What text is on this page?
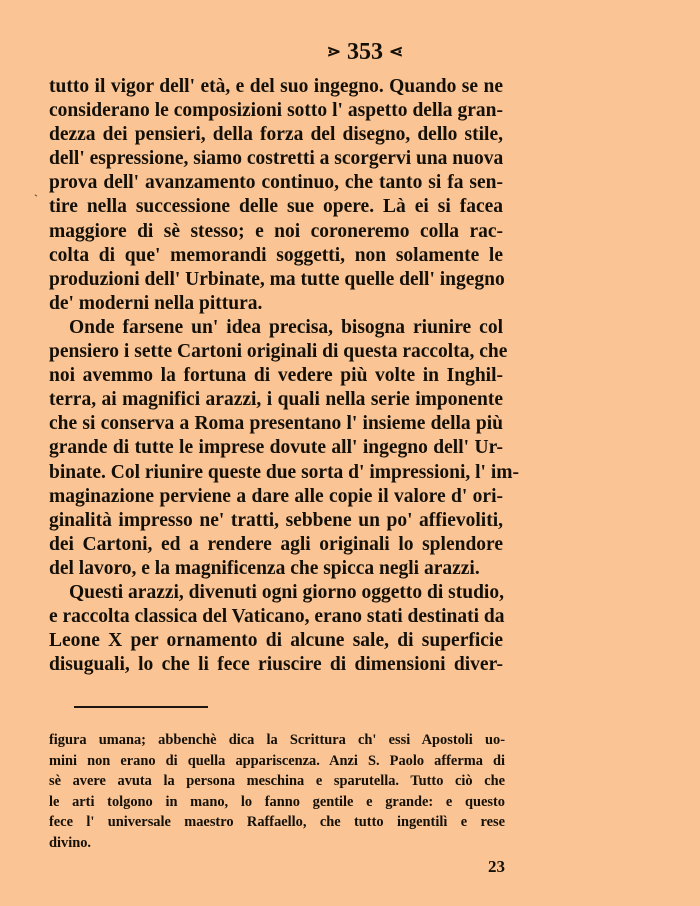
⋗ 353 ⋖
ˎ
tutto il vigor dell' età, e del suo ingegno. Quando se ne
considerano le composizioni sotto l' aspetto della gran-
dezza dei pensieri, della forza del disegno, dello stile,
dell' espressione, siamo costretti a scorgervi una nuova
prova dell' avanzamento continuo, che tanto si fa sen-
tire nella successione delle sue opere. Là ei si facea
maggiore di sè stesso; e noi coroneremo colla rac-
colta di que' memorandi soggetti, non solamente le
produzioni dell' Urbinate, ma tutte quelle dell' ingegno
de' moderni nella pittura.
Onde farsene un' idea precisa, bisogna riunire col
pensiero i sette Cartoni originali di questa raccolta, che
noi avemmo la fortuna di vedere più volte in Inghil-
terra, ai magnifici arazzi, i quali nella serie imponente
che si conserva a Roma presentano l' insieme della più
grande di tutte le imprese dovute all' ingegno dell' Ur-
binate. Col riunire queste due sorta d' impressioni, l' im-
maginazione perviene a dare alle copie il valore d' ori-
ginalità impresso ne' tratti, sebbene un po' affievoliti,
dei Cartoni, ed a rendere agli originali lo splendore
del lavoro, e la magnificenza che spicca negli arazzi.
Questi arazzi, divenuti ogni giorno oggetto di studio,
e raccolta classica del Vaticano, erano stati destinati da
Leone X per ornamento di alcune sale, di superficie
disuguali, lo che li fece riuscire di dimensioni diver-
figura umana; abbenchè dica la Scrittura ch' essi Apostoli uo-
mini non erano di quella appariscenza. Anzi S. Paolo afferma di
sè avere avuta la persona meschina e sparutella. Tutto ciò che
le arti tolgono in mano, lo fanno gentile e grande: e questo
fece l' universale maestro Raffaello, che tutto ingentilì e rese
divino.
23
